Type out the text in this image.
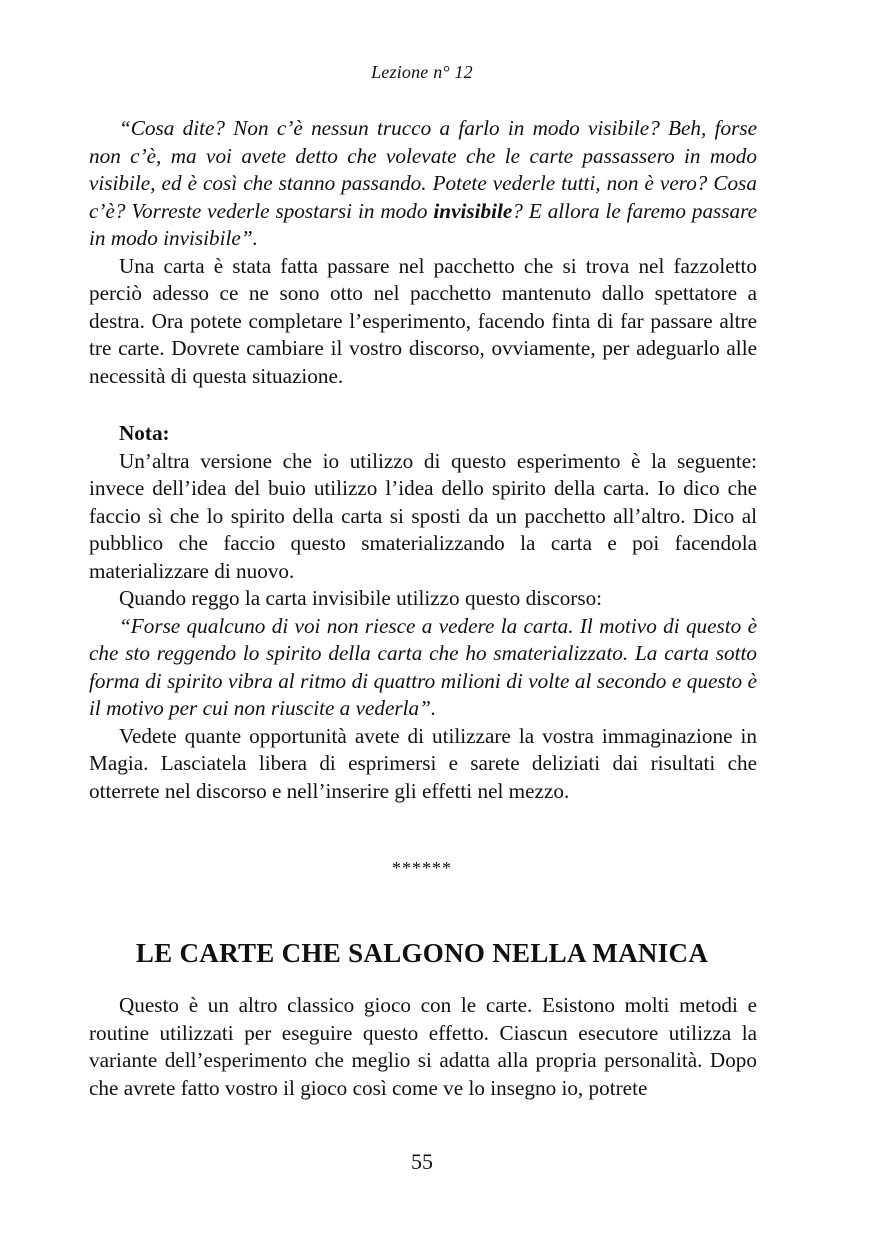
Lezione n° 12

“Cosa dite? Non c’è nessun trucco a farlo in modo visibile? Beh, forse non c’è, ma voi avete detto che volevate che le carte passassero in modo visibile, ed è così che stanno passando. Potete vederle tutti, non è vero? Cosa c’è? Vorreste vederle spostarsi in modo invisibile? E allora le faremo passare in modo invisibile”.

Una carta è stata fatta passare nel pacchetto che si trova nel fazzoletto perciò adesso ce ne sono otto nel pacchetto mantenuto dallo spettatore a destra. Ora potete completare l’esperimento, facendo finta di far passare altre tre carte. Dovrete cambiare il vostro discorso, ovviamente, per adeguarlo alle necessità di questa situazione.

Nota:

Un’altra versione che io utilizzo di questo esperimento è la seguente: invece dell’idea del buio utilizzo l’idea dello spirito della carta. Io dico che faccio sì che lo spirito della carta si sposti da un pacchetto all’altro. Dico al pubblico che faccio questo smaterializzando la carta e poi facendola materializzare di nuovo.

Quando reggo la carta invisibile utilizzo questo discorso:

“Forse qualcuno di voi non riesce a vedere la carta. Il motivo di questo è che sto reggendo lo spirito della carta che ho smaterializzato. La carta sotto forma di spirito vibra al ritmo di quattro milioni di volte al secondo e questo è il motivo per cui non riuscite a vederla”.

Vedete quante opportunità avete di utilizzare la vostra immaginazione in Magia. Lasciatela libera di esprimersi e sarete deliziati dai risultati che otterrete nel discorso e nell’inserire gli effetti nel mezzo.

******
LE CARTE CHE SALGONO NELLA MANICA

Questo è un altro classico gioco con le carte. Esistono molti metodi e routine utilizzati per eseguire questo effetto. Ciascun esecutore utilizza la variante dell’esperimento che meglio si adatta alla propria personalità. Dopo che avrete fatto vostro il gioco così come ve lo insegno io, potrete

55
